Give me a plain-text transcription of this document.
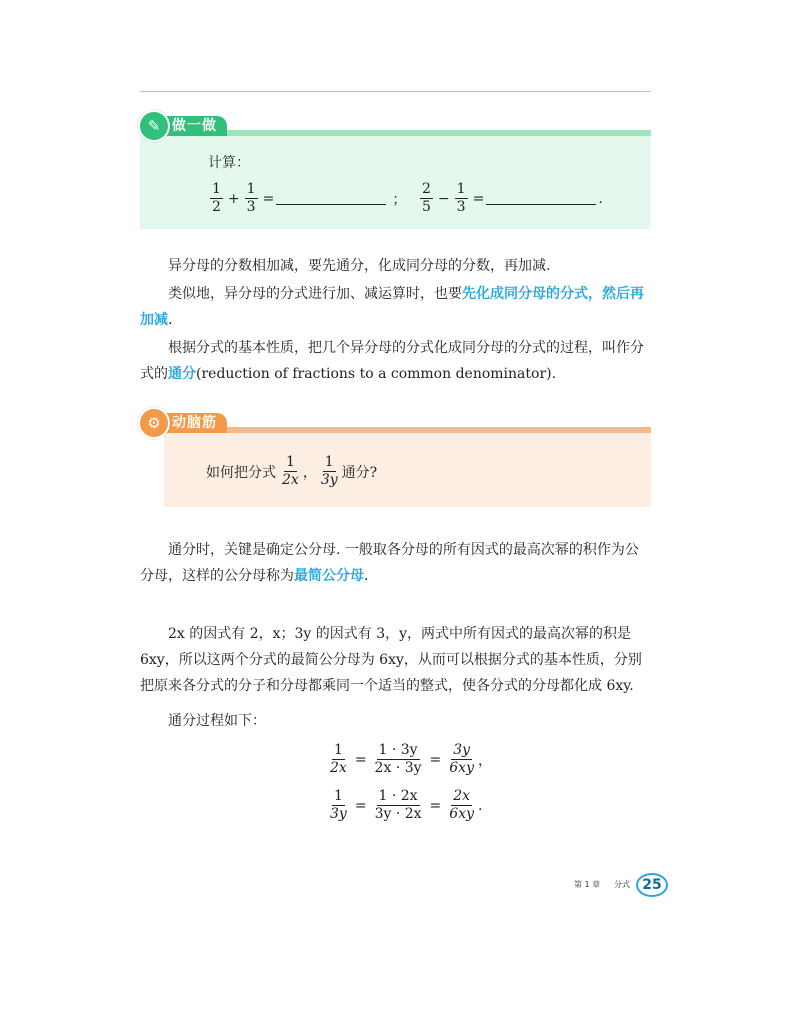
做一做
✎
计算：
$\frac{1}{2} + \frac{1}{3}$ =	； $\frac{2}{5} - \frac{1}{3}$ =	.
异分母的分数相加减，要先通分，化成同分母的分数，再加减.
类似地，异分母的分式进行加、减运算时，也要先化成同分母的分式，然后再加减.
根据分式的基本性质，把几个异分母的分式化成同分母的分式的过程，叫作分式的通分(reduction of fractions to a common denominator).
动脑筋
⚙
如何把分式 $\frac{1}{2x}$ ， $\frac{1}{3y}$ 通分?
通分时，关键是确定公分母. 一般取各分母的所有因式的最高次幂的积作为公分母，这样的公分母称为最简公分母.
2x 的因式有 2，x；3y 的因式有 3，y，两式中所有因式的最高次幂的积是6xy，所以这两个分式的最简公分母为 6xy，从而可以根据分式的基本性质，分别把原来各分式的分子和分母都乘同一个适当的整式，使各分式的分母都化成 6xy.
通分过程如下：
$\frac{1}{2x} = \frac{1 \cdot 3y}{2x \cdot 3y} = \frac{3y}{6xy}$ ，
$\frac{1}{3y} = \frac{1 \cdot 2x}{3y \cdot 2x} = \frac{2x}{6xy}$ .
第 1 章 分式 25
